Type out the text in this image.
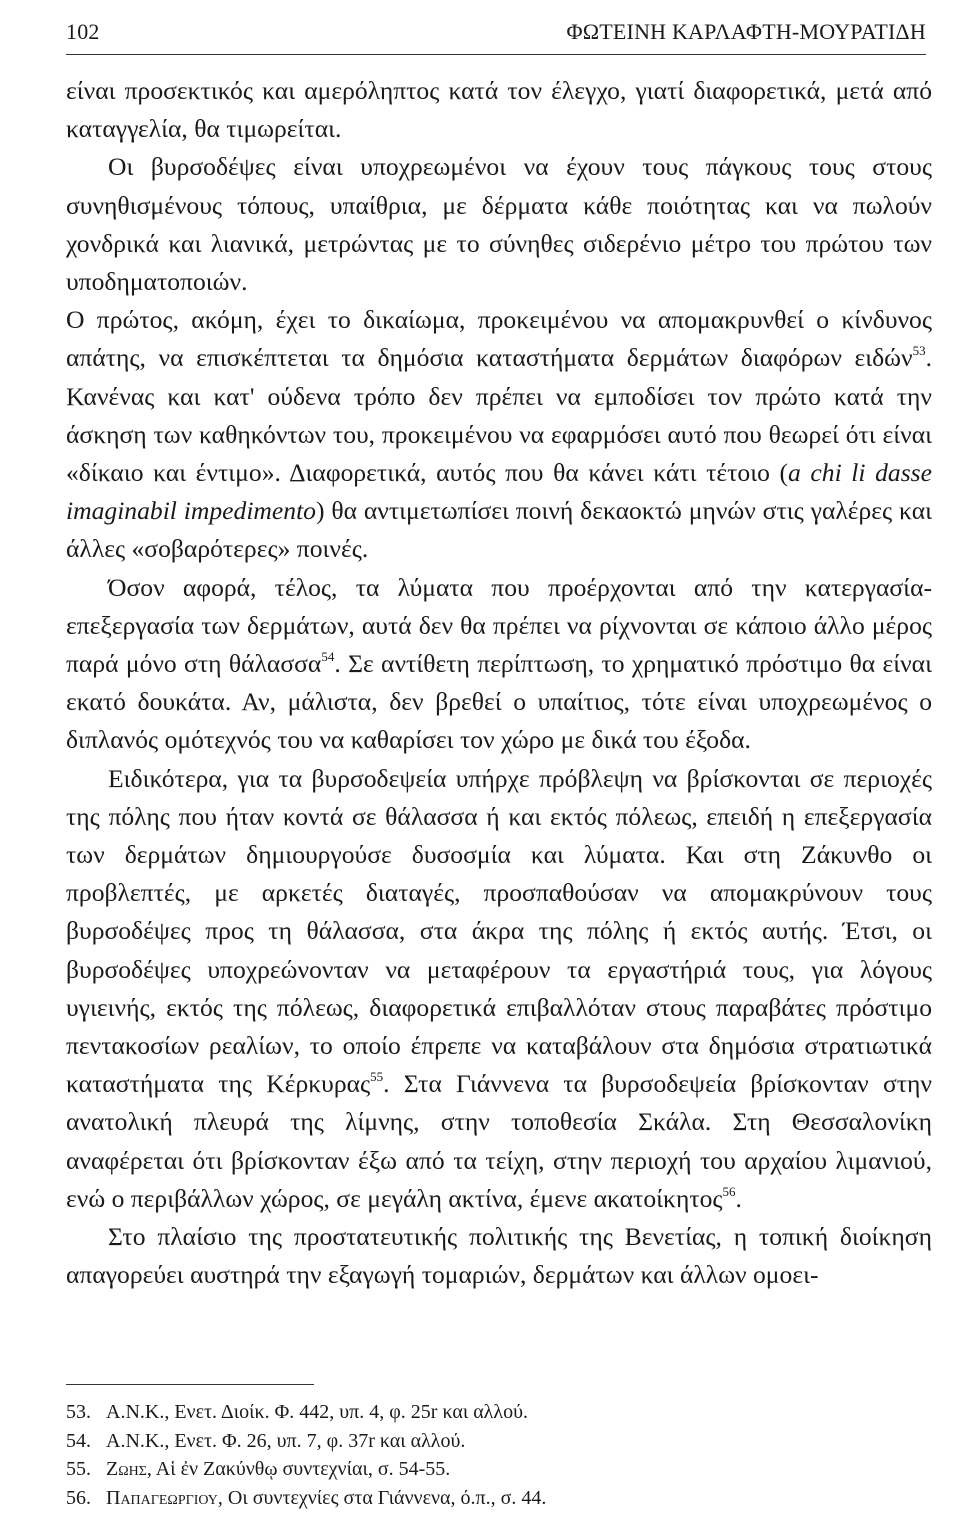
102	ΦΩΤΕΙΝΗ ΚΑΡΛΑΦΤΗ-ΜΟΥΡΑΤΙΔΗ

είναι προσεκτικός και αμερόληπτος κατά τον έλεγχο, γιατί διαφορετικά, μετά από καταγγελία, θα τιμωρείται.

Οι βυρσοδέψες είναι υποχρεωμένοι να έχουν τους πάγκους τους στους συνηθισμένους τόπους, υπαίθρια, με δέρματα κάθε ποιότητας και να πωλούν χονδρικά και λιανικά, μετρώντας με το σύνηθες σιδερένιο μέτρο του πρώτου των υποδηματοποιών.

Ο πρώτος, ακόμη, έχει το δικαίωμα, προκειμένου να απομακρυνθεί ο κίνδυνος απάτης, να επισκέπτεται τα δημόσια καταστήματα δερμάτων διαφόρων ειδών$^{53}$. Κανένας και κατ' ούδενα τρόπο δεν πρέπει να εμποδίσει τον πρώτο κατά την άσκηση των καθηκόντων του, προκειμένου να εφαρμόσει αυτό που θεωρεί ότι είναι «δίκαιο και έντιμο». Διαφορετικά, αυτός που θα κάνει κάτι τέτοιο (a chi li dasse imaginabil impedimento) θα αντιμετωπίσει ποινή δεκαοκτώ μηνών στις γαλέρες και άλλες «σοβαρότερες» ποινές.

Όσον αφορά, τέλος, τα λύματα που προέρχονται από την κατεργασία-επεξεργασία των δερμάτων, αυτά δεν θα πρέπει να ρίχνονται σε κάποιο άλλο μέρος παρά μόνο στη θάλασσα$^{54}$. Σε αντίθετη περίπτωση, το χρηματικό πρόστιμο θα είναι εκατό δουκάτα. Αν, μάλιστα, δεν βρεθεί ο υπαίτιος, τότε είναι υποχρεωμένος ο διπλανός ομότεχνός του να καθαρίσει τον χώρο με δικά του έξοδα.

Ειδικότερα, για τα βυρσοδεψεία υπήρχε πρόβλεψη να βρίσκονται σε περιοχές της πόλης που ήταν κοντά σε θάλασσα ή και εκτός πόλεως, επειδή η επεξεργασία των δερμάτων δημιουργούσε δυσοσμία και λύματα. Και στη Ζάκυνθο οι προβλεπτές, με αρκετές διαταγές, προσπαθούσαν να απομακρύνουν τους βυρσοδέψες προς τη θάλασσα, στα άκρα της πόλης ή εκτός αυτής. Έτσι, οι βυρσοδέψες υποχρεώνονταν να μεταφέρουν τα εργαστήριά τους, για λόγους υγιεινής, εκτός της πόλεως, διαφορετικά επιβαλλόταν στους παραβάτες πρόστιμο πεντακοσίων ρεαλίων, το οποίο έπρεπε να καταβάλουν στα δημόσια στρατιωτικά καταστήματα της Κέρκυρας$^{55}$. Στα Γιάννενα τα βυρσοδεψεία βρίσκονταν στην ανατολική πλευρά της λίμνης, στην τοποθεσία Σκάλα. Στη Θεσσαλονίκη αναφέρεται ότι βρίσκονταν έξω από τα τείχη, στην περιοχή του αρχαίου λιμανιού, ενώ ο περιβάλλων χώρος, σε μεγάλη ακτίνα, έμενε ακατοίκητος$^{56}$.

Στο πλαίσιο της προστατευτικής πολιτικής της Βενετίας, η τοπική διοίκηση απαγορεύει αυστηρά την εξαγωγή τομαριών, δερμάτων και άλλων ομοει-

53. Α.Ν.Κ., Ενετ. Διοίκ. Φ. 442, υπ. 4, φ. 25r και αλλού.
54. Α.Ν.Κ., Ενετ. Φ. 26, υπ. 7, φ. 37r και αλλού.
55. Ζωης, Αἱ ἐν Ζακύνθῳ συντεχνίαι, σ. 54-55.
56. Παπαγεωργιου, Οι συντεχνίες στα Γιάννενα, ό.π., σ. 44.
